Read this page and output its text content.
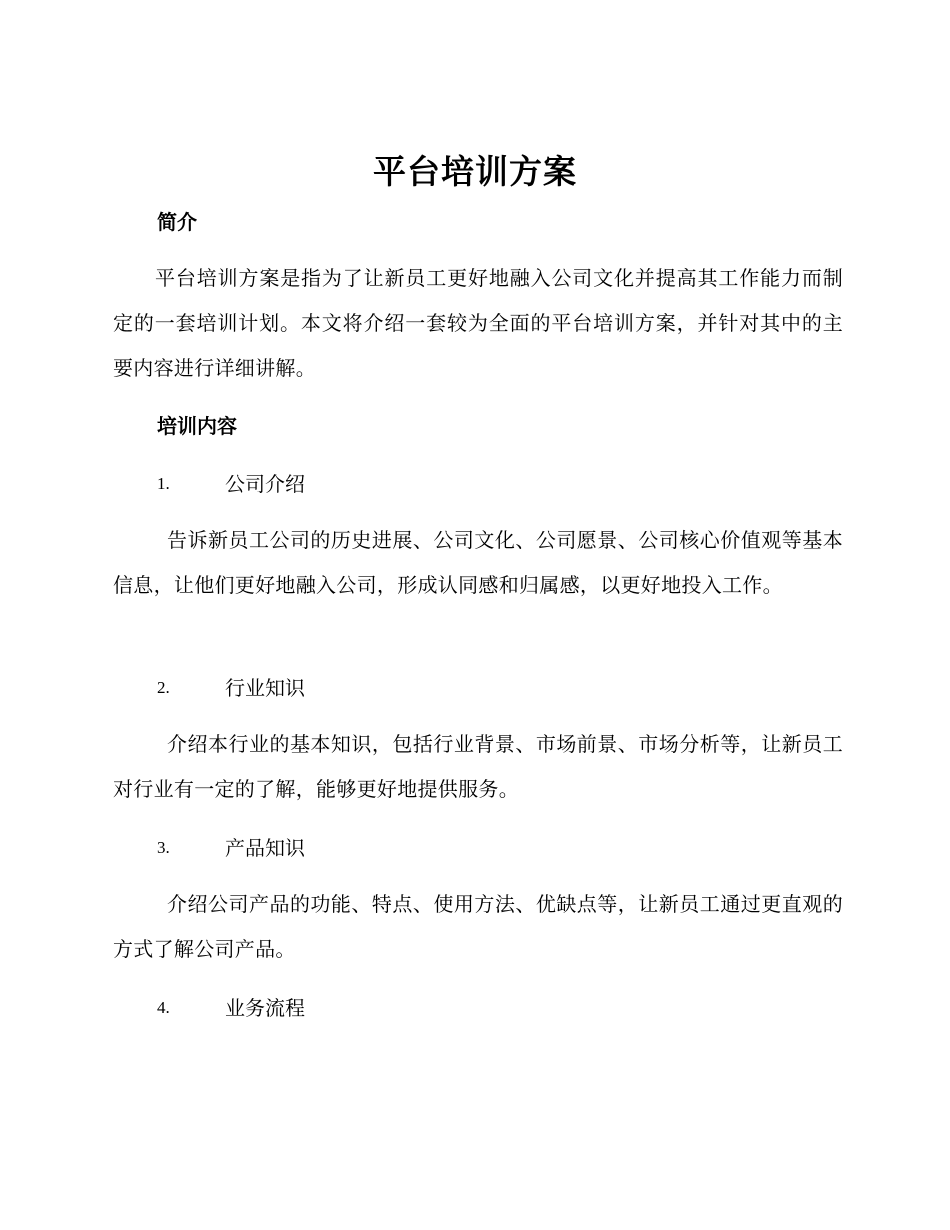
平台培训方案
简介
平台培训方案是指为了让新员工更好地融入公司文化并提高其工作能力而制定的一套培训计划。本文将介绍一套较为全面的平台培训方案，并针对其中的主要内容进行详细讲解。
培训内容
1.	公司介绍
告诉新员工公司的历史进展、公司文化、公司愿景、公司核心价值观等基本信息，让他们更好地融入公司，形成认同感和归属感，以更好地投入工作。
2.	行业知识
介绍本行业的基本知识，包括行业背景、市场前景、市场分析等，让新员工对行业有一定的了解，能够更好地提供服务。
3.	产品知识
介绍公司产品的功能、特点、使用方法、优缺点等，让新员工通过更直观的方式了解公司产品。
4.	业务流程
